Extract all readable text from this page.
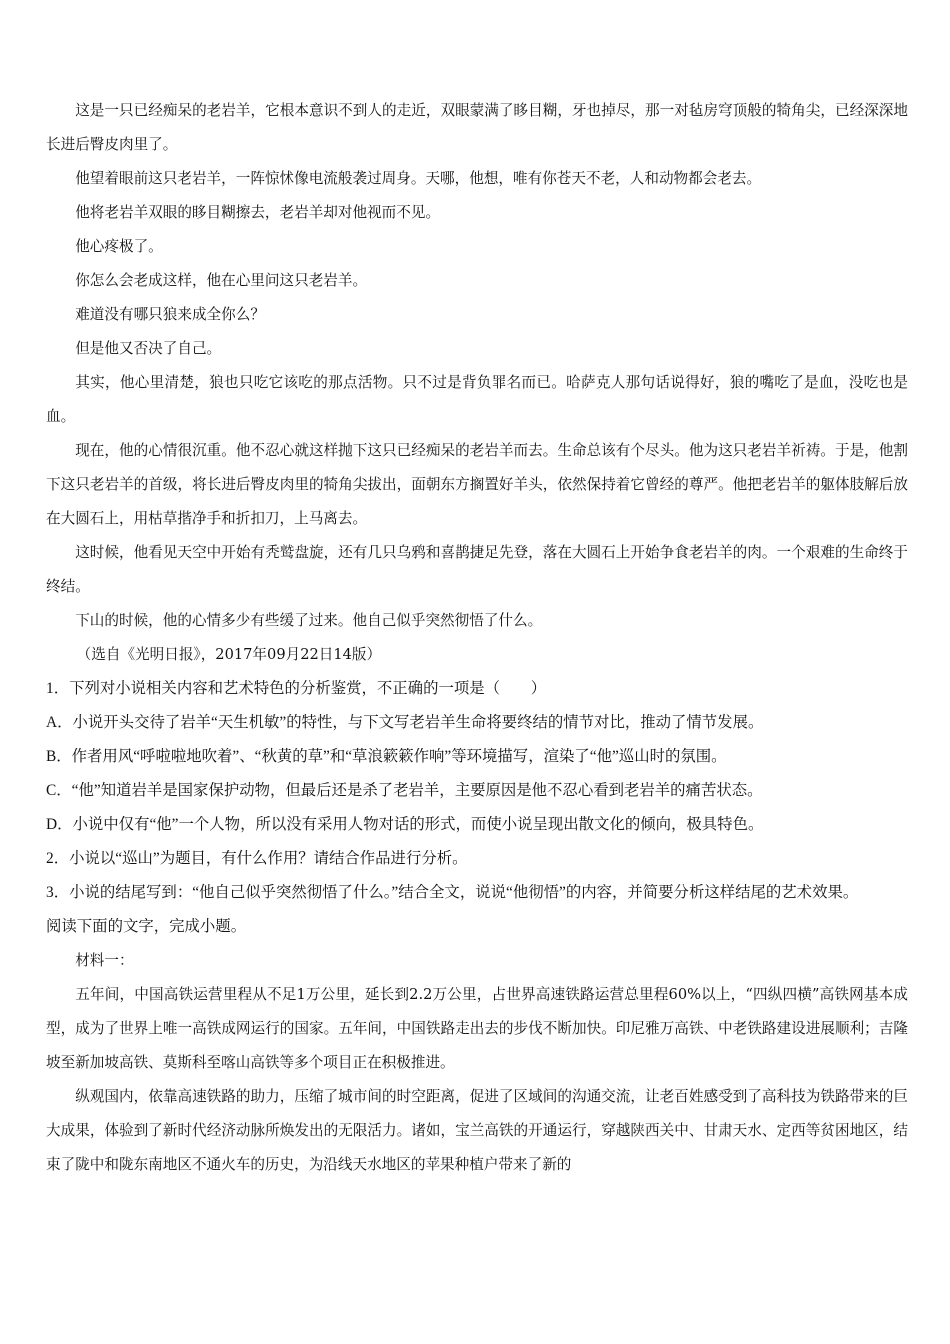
这是一只已经痴呆的老岩羊，它根本意识不到人的走近，双眼蒙满了眵目糊，牙也掉尽，那一对毡房穹顶般的犄角尖，已经深深地长进后臀皮肉里了。

他望着眼前这只老岩羊，一阵惊怵像电流般袭过周身。天哪，他想，唯有你苍天不老，人和动物都会老去。

他将老岩羊双眼的眵目糊擦去，老岩羊却对他视而不见。

他心疼极了。

你怎么会老成这样，他在心里问这只老岩羊。

难道没有哪只狼来成全你么？

但是他又否决了自己。

其实，他心里清楚，狼也只吃它该吃的那点活物。只不过是背负罪名而已。哈萨克人那句话说得好，狼的嘴吃了是血，没吃也是血。

现在，他的心情很沉重。他不忍心就这样抛下这只已经痴呆的老岩羊而去。生命总该有个尽头。他为这只老岩羊祈祷。于是，他割下这只老岩羊的首级，将长进后臀皮肉里的犄角尖拔出，面朝东方搁置好羊头，依然保持着它曾经的尊严。他把老岩羊的躯体肢解后放在大圆石上，用枯草揩净手和折扣刀，上马离去。

这时候，他看见天空中开始有秃鹫盘旋，还有几只乌鸦和喜鹊捷足先登，落在大圆石上开始争食老岩羊的肉。一个艰难的生命终于终结。

下山的时候，他的心情多少有些缓了过来。他自己似乎突然彻悟了什么。

（选自《光明日报》，2017年09月22日14版）

1．下列对小说相关内容和艺术特色的分析鉴赏，不正确的一项是（　　）

A．小说开头交待了岩羊“天生机敏”的特性，与下文写老岩羊生命将要终结的情节对比，推动了情节发展。

B．作者用风“呼啦啦地吹着”、“秋黄的草”和“草浪簌簌作响”等环境描写，渲染了“他”巡山时的氛围。

C．“他”知道岩羊是国家保护动物，但最后还是杀了老岩羊，主要原因是他不忍心看到老岩羊的痛苦状态。

D．小说中仅有“他”一个人物，所以没有采用人物对话的形式，而使小说呈现出散文化的倾向，极具特色。

2．小说以“巡山”为题目，有什么作用？请结合作品进行分析。

3．小说的结尾写到：“他自己似乎突然彻悟了什么。”结合全文，说说“他彻悟”的内容，并简要分析这样结尾的艺术效果。

阅读下面的文字，完成小题。

材料一：

五年间，中国高铁运营里程从不足1万公里，延长到2.2万公里，占世界高速铁路运营总里程60%以上，“四纵四横”高铁网基本成型，成为了世界上唯一高铁成网运行的国家。五年间，中国铁路走出去的步伐不断加快。印尼雅万高铁、中老铁路建设进展顺利；吉隆坡至新加坡高铁、莫斯科至喀山高铁等多个项目正在积极推进。

纵观国内，依靠高速铁路的助力，压缩了城市间的时空距离，促进了区域间的沟通交流，让老百姓感受到了高科技为铁路带来的巨大成果，体验到了新时代经济动脉所焕发出的无限活力。诸如，宝兰高铁的开通运行，穿越陕西关中、甘肃天水、定西等贫困地区，结束了陇中和陇东南地区不通火车的历史，为沿线天水地区的苹果种植户带来了新的
